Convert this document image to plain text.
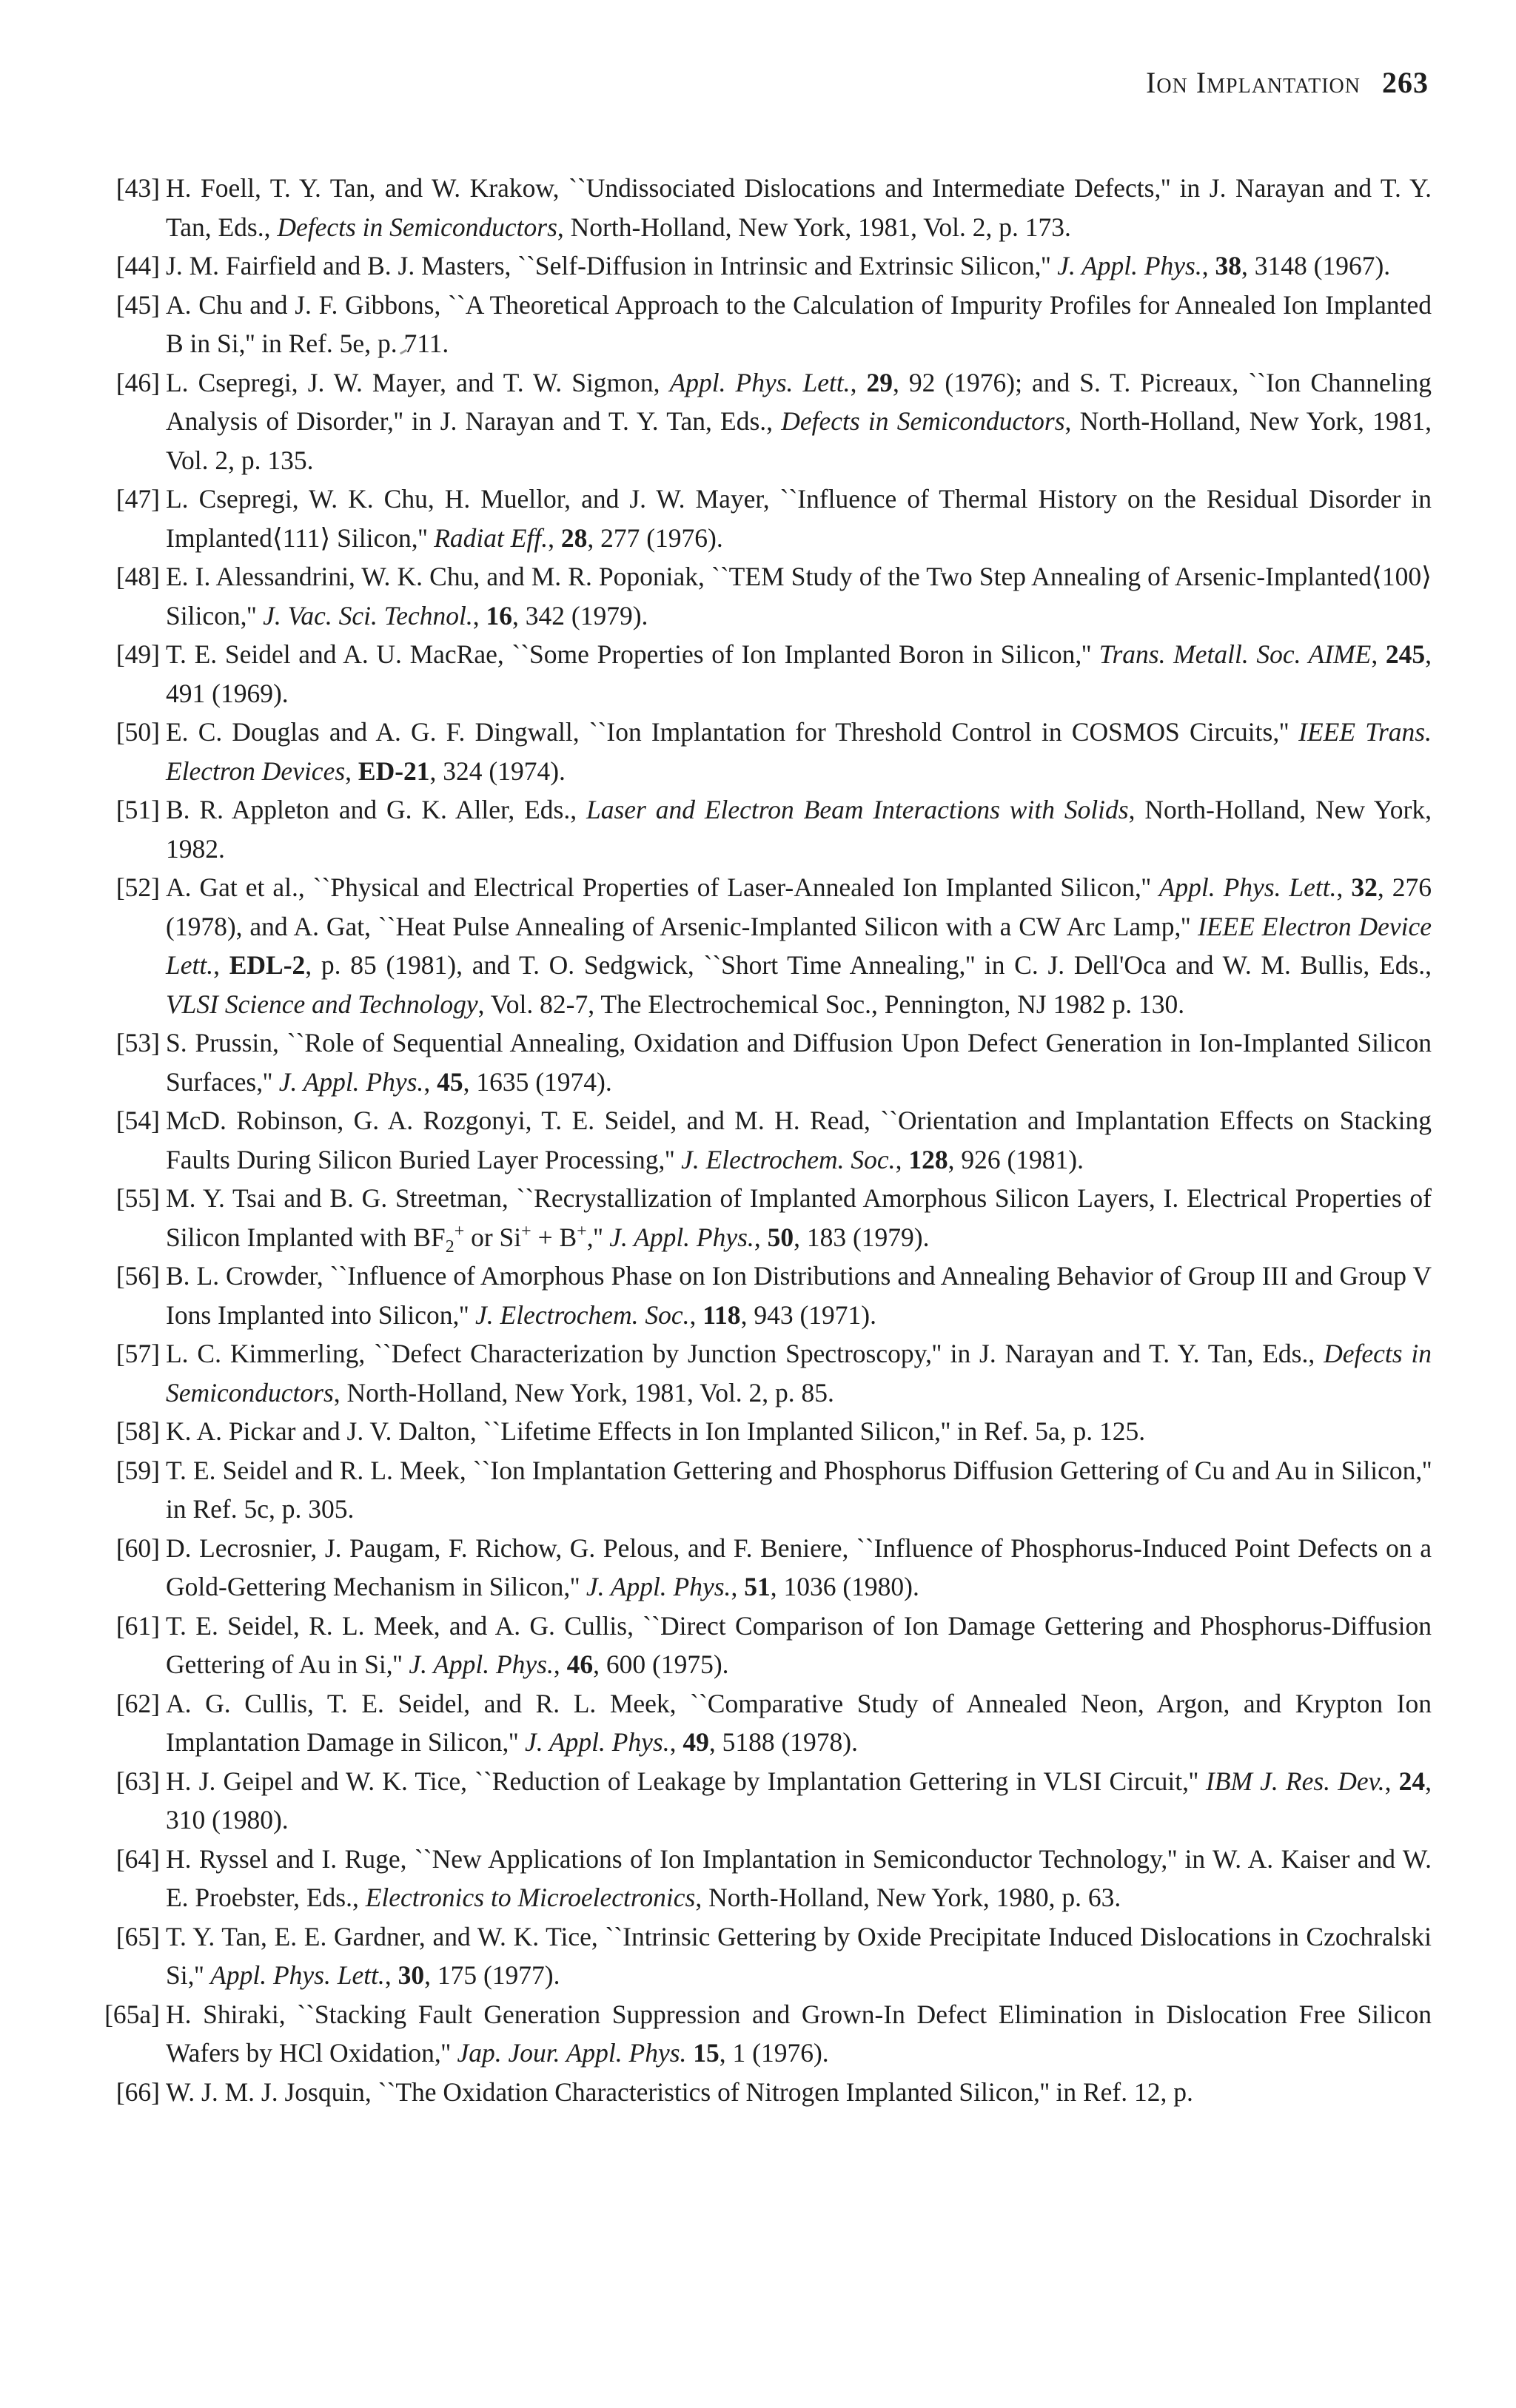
Ion Implantation 263

[43] H. Foell, T. Y. Tan, and W. Krakow, ``Undissociated Dislocations and Intermediate Defects,'' in J. Narayan and T. Y. Tan, Eds., Defects in Semiconductors, North-Holland, New York, 1981, Vol. 2, p. 173.

[44] J. M. Fairfield and B. J. Masters, ``Self-Diffusion in Intrinsic and Extrinsic Silicon,'' J. Appl. Phys., 38, 3148 (1967).

[45] A. Chu and J. F. Gibbons, ``A Theoretical Approach to the Calculation of Impurity Profiles for Annealed Ion Implanted B in Si,'' in Ref. 5e, p. 711.

[46] L. Csepregi, J. W. Mayer, and T. W. Sigmon, Appl. Phys. Lett., 29, 92 (1976); and S. T. Picreaux, ``Ion Channeling Analysis of Disorder,'' in J. Narayan and T. Y. Tan, Eds., Defects in Semiconductors, North-Holland, New York, 1981, Vol. 2, p. 135.

[47] L. Csepregi, W. K. Chu, H. Muellor, and J. W. Mayer, ``Influence of Thermal History on the Residual Disorder in Implanted⟨111⟩ Silicon,'' Radiat Eff., 28, 277 (1976).

[48] E. I. Alessandrini, W. K. Chu, and M. R. Poponiak, ``TEM Study of the Two Step Annealing of Arsenic-Implanted⟨100⟩ Silicon,'' J. Vac. Sci. Technol., 16, 342 (1979).

[49] T. E. Seidel and A. U. MacRae, ``Some Properties of Ion Implanted Boron in Silicon,'' Trans. Metall. Soc. AIME, 245, 491 (1969).

[50] E. C. Douglas and A. G. F. Dingwall, ``Ion Implantation for Threshold Control in COSMOS Circuits,'' IEEE Trans. Electron Devices, ED-21, 324 (1974).

[51] B. R. Appleton and G. K. Aller, Eds., Laser and Electron Beam Interactions with Solids, North-Holland, New York, 1982.

[52] A. Gat et al., ``Physical and Electrical Properties of Laser-Annealed Ion Implanted Silicon,'' Appl. Phys. Lett., 32, 276 (1978), and A. Gat, ``Heat Pulse Annealing of Arsenic-Implanted Silicon with a CW Arc Lamp,'' IEEE Electron Device Lett., EDL-2, p. 85 (1981), and T. O. Sedgwick, ``Short Time Annealing,'' in C. J. Dell'Oca and W. M. Bullis, Eds., VLSI Science and Technology, Vol. 82-7, The Electrochemical Soc., Pennington, NJ 1982 p. 130.

[53] S. Prussin, ``Role of Sequential Annealing, Oxidation and Diffusion Upon Defect Generation in Ion-Implanted Silicon Surfaces,'' J. Appl. Phys., 45, 1635 (1974).

[54] McD. Robinson, G. A. Rozgonyi, T. E. Seidel, and M. H. Read, ``Orientation and Implantation Effects on Stacking Faults During Silicon Buried Layer Processing,'' J. Electrochem. Soc., 128, 926 (1981).

[55] M. Y. Tsai and B. G. Streetman, ``Recrystallization of Implanted Amorphous Silicon Layers, I. Electrical Properties of Silicon Implanted with $BF_2^+$ or Si+ + B+,'' J. Appl. Phys., 50, 183 (1979).

[56] B. L. Crowder, ``Influence of Amorphous Phase on Ion Distributions and Annealing Behavior of Group III and Group V Ions Implanted into Silicon,'' J. Electrochem. Soc., 118, 943 (1971).

[57] L. C. Kimmerling, ``Defect Characterization by Junction Spectroscopy,'' in J. Narayan and T. Y. Tan, Eds., Defects in Semiconductors, North-Holland, New York, 1981, Vol. 2, p. 85.

[58] K. A. Pickar and J. V. Dalton, ``Lifetime Effects in Ion Implanted Silicon,'' in Ref. 5a, p. 125.

[59] T. E. Seidel and R. L. Meek, ``Ion Implantation Gettering and Phosphorus Diffusion Gettering of Cu and Au in Silicon,'' in Ref. 5c, p. 305.

[60] D. Lecrosnier, J. Paugam, F. Richow, G. Pelous, and F. Beniere, ``Influence of Phosphorus-Induced Point Defects on a Gold-Gettering Mechanism in Silicon,'' J. Appl. Phys., 51, 1036 (1980).

[61] T. E. Seidel, R. L. Meek, and A. G. Cullis, ``Direct Comparison of Ion Damage Gettering and Phosphorus-Diffusion Gettering of Au in Si,'' J. Appl. Phys., 46, 600 (1975).

[62] A. G. Cullis, T. E. Seidel, and R. L. Meek, ``Comparative Study of Annealed Neon, Argon, and Krypton Ion Implantation Damage in Silicon,'' J. Appl. Phys., 49, 5188 (1978).

[63] H. J. Geipel and W. K. Tice, ``Reduction of Leakage by Implantation Gettering in VLSI Circuit,'' IBM J. Res. Dev., 24, 310 (1980).

[64] H. Ryssel and I. Ruge, ``New Applications of Ion Implantation in Semiconductor Technology,'' in W. A. Kaiser and W. E. Proebster, Eds., Electronics to Microelectronics, North-Holland, New York, 1980, p. 63.

[65] T. Y. Tan, E. E. Gardner, and W. K. Tice, ``Intrinsic Gettering by Oxide Precipitate Induced Dislocations in Czochralski Si,'' Appl. Phys. Lett., 30, 175 (1977).

[65a] H. Shiraki, ``Stacking Fault Generation Suppression and Grown-In Defect Elimination in Dislocation Free Silicon Wafers by HCl Oxidation,'' Jap. Jour. Appl. Phys. 15, 1 (1976).

[66] W. J. M. J. Josquin, ``The Oxidation Characteristics of Nitrogen Implanted Silicon,'' in Ref. 12, p.
